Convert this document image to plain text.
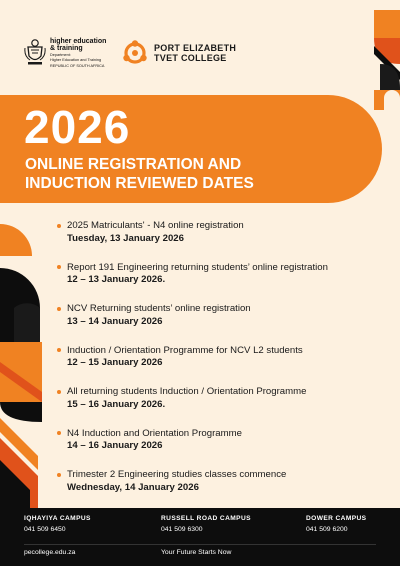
higher education
& training
Department:
Higher Education and Training
REPUBLIC OF SOUTH AFRICA
PORT ELIZABETH
TVET COLLEGE
2026
ONLINE REGISTRATION AND
INDUCTION REVIEWED DATES
2025 Matriculants' - N4 online registration
Tuesday, 13 January 2026
Report 191 Engineering returning students’ online registration
12 – 13 January 2026.
NCV Returning students’ online registration
13 – 14 January 2026
Induction / Orientation Programme for NCV L2 students
12 – 15 January 2026
All returning students Induction / Orientation Programme
15 – 16 January 2026.
N4 Induction and Orientation Programme
14 – 16 January 2026
Trimester 2 Engineering studies classes commence
Wednesday, 14 January 2026
IQHAYIYA CAMPUS
041 509 6450
RUSSELL ROAD CAMPUS
041 509 6300
DOWER CAMPUS
041 509 6200
pecollege.edu.za	Your Future Starts Now
